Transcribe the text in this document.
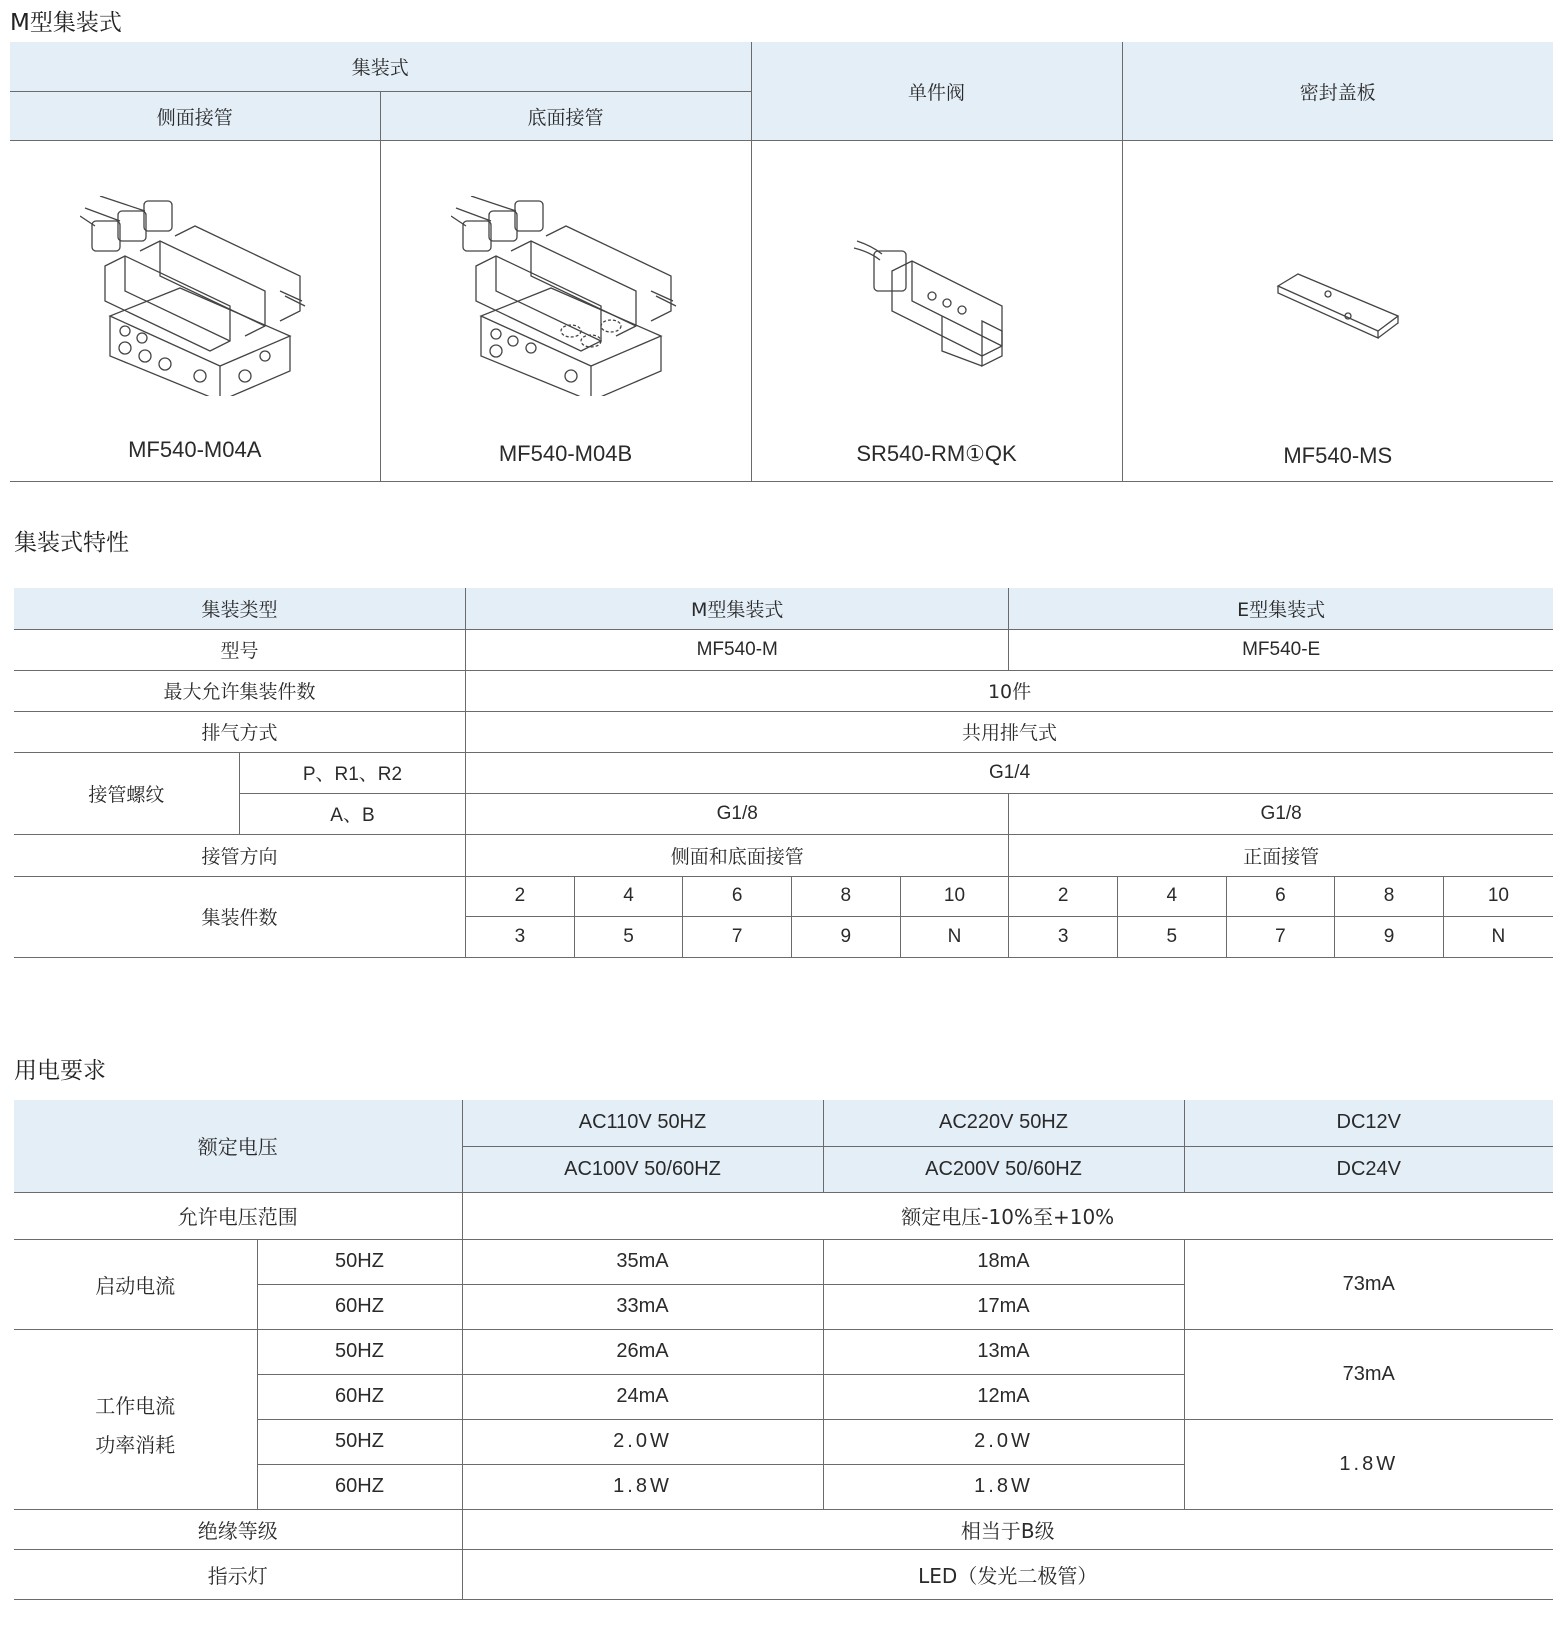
M型集装式
集装式		单件阀	密封盖板
侧面接管	底面接管		

MF540-M04A	MF540-M04B	SR540-RM①QK	MF540-MS
集装式特性
集装类型		M型集装式					E型集装式				
型号		MF540-M					MF540-E				
最大允许集装件数		10件									
排气方式		共用排气式									
接管螺纹	P、R1、R2	G1/4									
	A、B	G1/8					G1/8				
接管方向		侧面和底面接管					正面接管				
集装件数		2	4	6	8	10	2	4	6	8	10
		3	5	7	9	N	3	5	7	9	N
用电要求
额定电压		AC110V 50HZ	AC220V 50HZ	DC12V
		AC100V 50/60HZ	AC200V 50/60HZ	DC24V
允许电压范围		额定电压-10%至+10%		
启动电流	50HZ	35mA	18mA	73mA
	60HZ	33mA	17mA	
工作电流	50HZ	26mA	13mA	73mA
	60HZ	24mA	12mA	
功率消耗	50HZ	2.0W	2.0W	1.8W
	60HZ	1.8W	1.8W	
绝缘等级		相当于B级		
指示灯		LED（发光二极管）		
